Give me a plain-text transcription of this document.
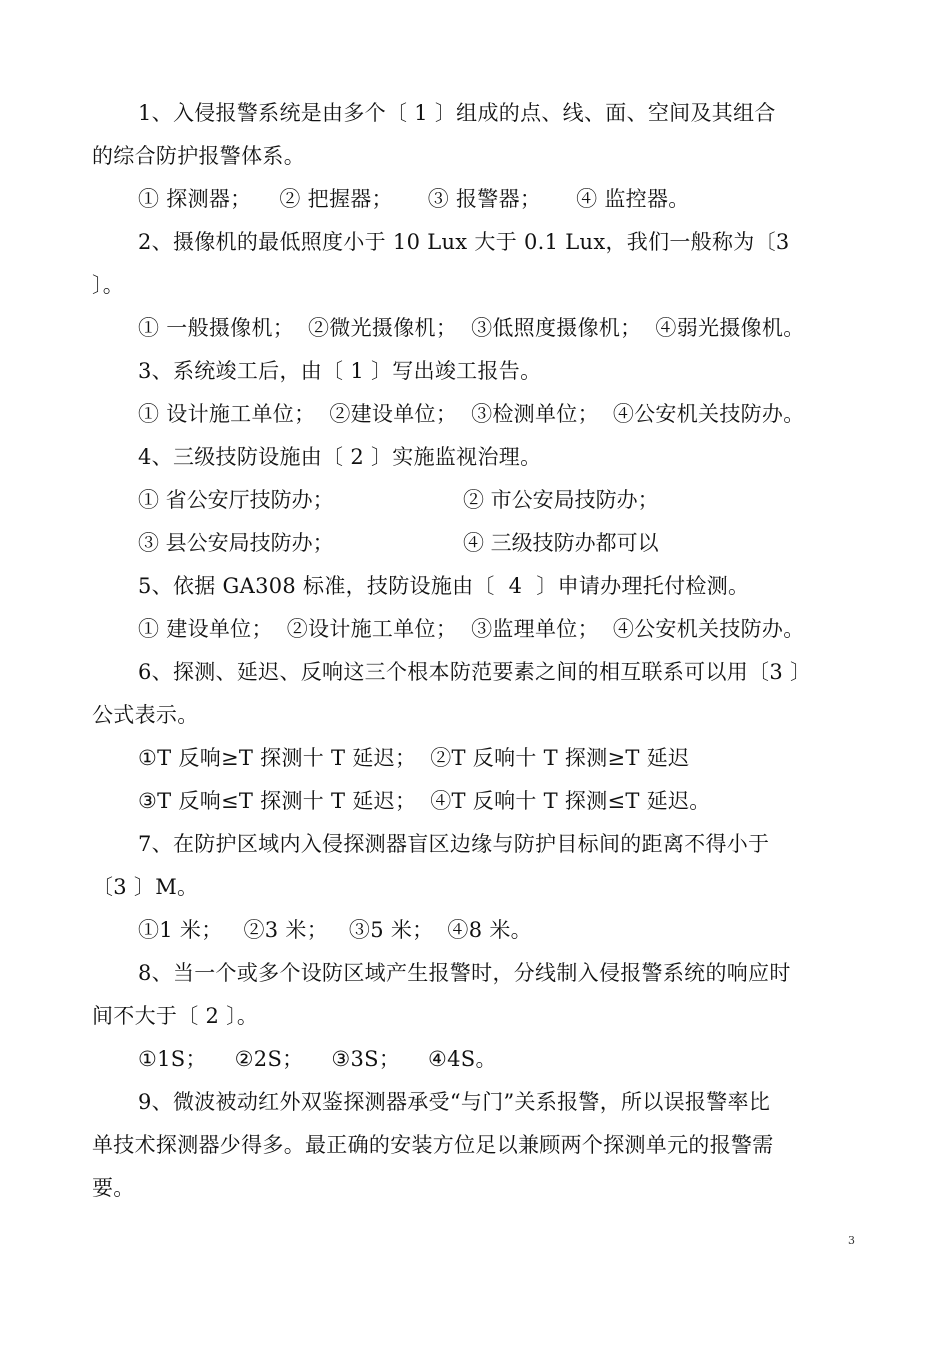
1、入侵报警系统是由多个〔 1 〕组成的点、线、面、空间及其组合
的综合防护报警体系。
① 探测器；    ② 把握器；     ③ 报警器；     ④ 监控器。
2、摄像机的最低照度小于 10 Lux 大于 0.1 Lux，我们一般称为〔3
〕。
① 一般摄像机；  ②微光摄像机；  ③低照度摄像机；  ④弱光摄像机。
3、系统竣工后，由〔 1 〕写出竣工报告。
① 设计施工单位；  ②建设单位；  ③检测单位；  ④公安机关技防办。
4、三级技防设施由〔 2 〕实施监视治理。
① 省公安厅技防办；	② 市公安局技防办；
③ 县公安局技防办；	④ 三级技防办都可以
5、依据 GA308 标准，技防设施由〔  4  〕申请办理托付检测。
① 建设单位；  ②设计施工单位；  ③监理单位；  ④公安机关技防办。
6、探测、延迟、反响这三个根本防范要素之间的相互联系可以用〔3 〕
公式表示。
①T 反响≥T 探测十 T 延迟；  ②T 反响十 T 探测≥T 延迟
③T 反响≤T 探测十 T 延迟；  ④T 反响十 T 探测≤T 延迟。
7、在防护区域内入侵探测器盲区边缘与防护目标间的距离不得小于
〔3 〕M。
①1 米；   ②3 米；   ③5 米；  ④8 米。
8、当一个或多个设防区域产生报警时，分线制入侵报警系统的响应时
间不大于〔 2 〕。
①1S；    ②2S；    ③3S；    ④4S。
9、微波被动红外双鉴探测器承受“与门”关系报警，所以误报警率比
单技术探测器少得多。最正确的安装方位足以兼顾两个探测单元的报警需
要。
3
